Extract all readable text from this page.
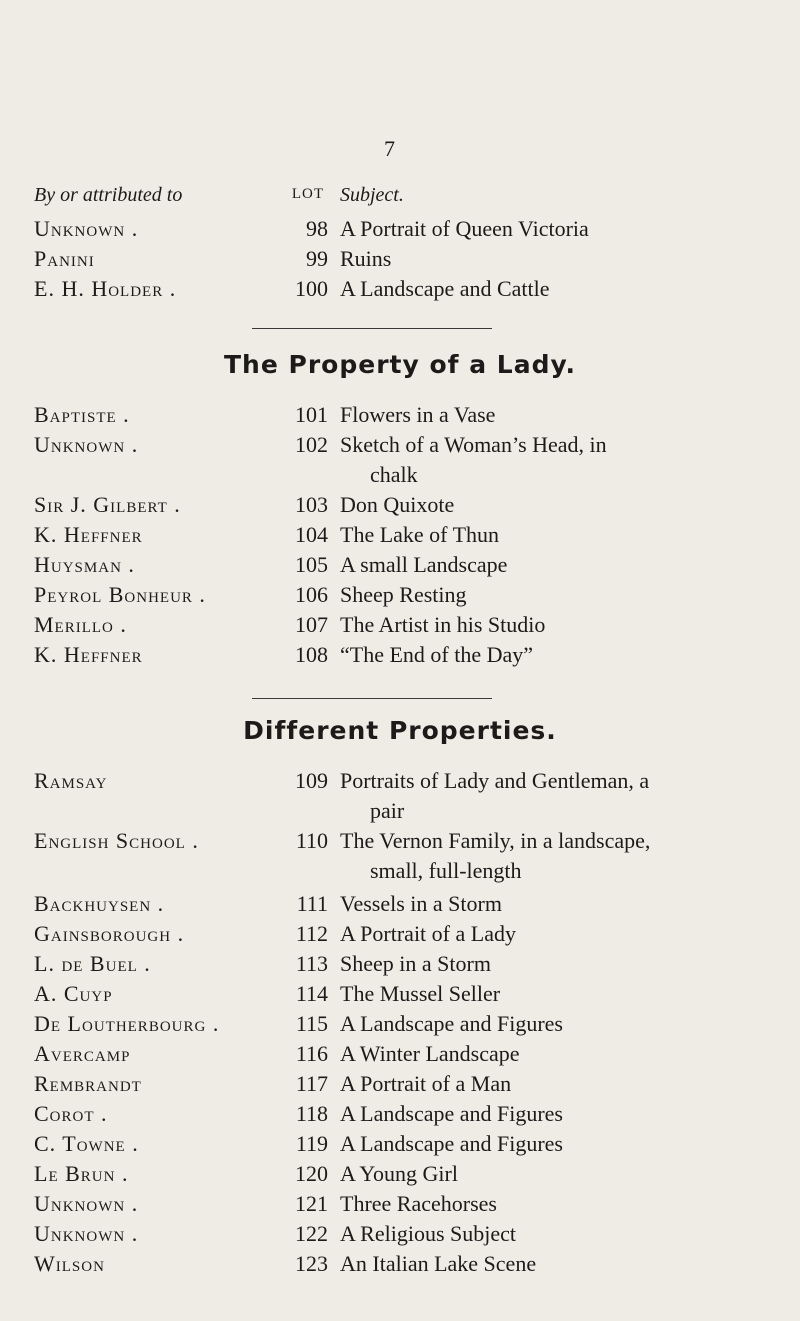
7
By or attributed to	LOT Subject.
Unknown .	98 A Portrait of Queen Victoria
Panini	99 Ruins
E. H. Holder .	100 A Landscape and Cattle
The Property of a Lady.
Baptiste .	101 Flowers in a Vase
Unknown .	102 Sketch of a Woman’s Head, in
chalk
Sir J. Gilbert .	103 Don Quixote
K. Heffner	104 The Lake of Thun
Huysman .	105 A small Landscape
Peyrol Bonheur .	106 Sheep Resting
Merillo .	107 The Artist in his Studio
K. Heffner	108 “The End of the Day”
Different Properties.
Ramsay	109 Portraits of Lady and Gentleman, a
pair
English School .	110 The Vernon Family, in a landscape,
small, full-length
Backhuysen .	111 Vessels in a Storm
Gainsborough .	112 A Portrait of a Lady
L. de Buel .	113 Sheep in a Storm
A. Cuyp	114 The Mussel Seller
De Loutherbourg .	115 A Landscape and Figures
Avercamp	116 A Winter Landscape
Rembrandt	117 A Portrait of a Man
Corot .	118 A Landscape and Figures
C. Towne .	119 A Landscape and Figures
Le Brun .	120 A Young Girl
Unknown .	121 Three Racehorses
Unknown .	122 A Religious Subject
Wilson	123 An Italian Lake Scene
